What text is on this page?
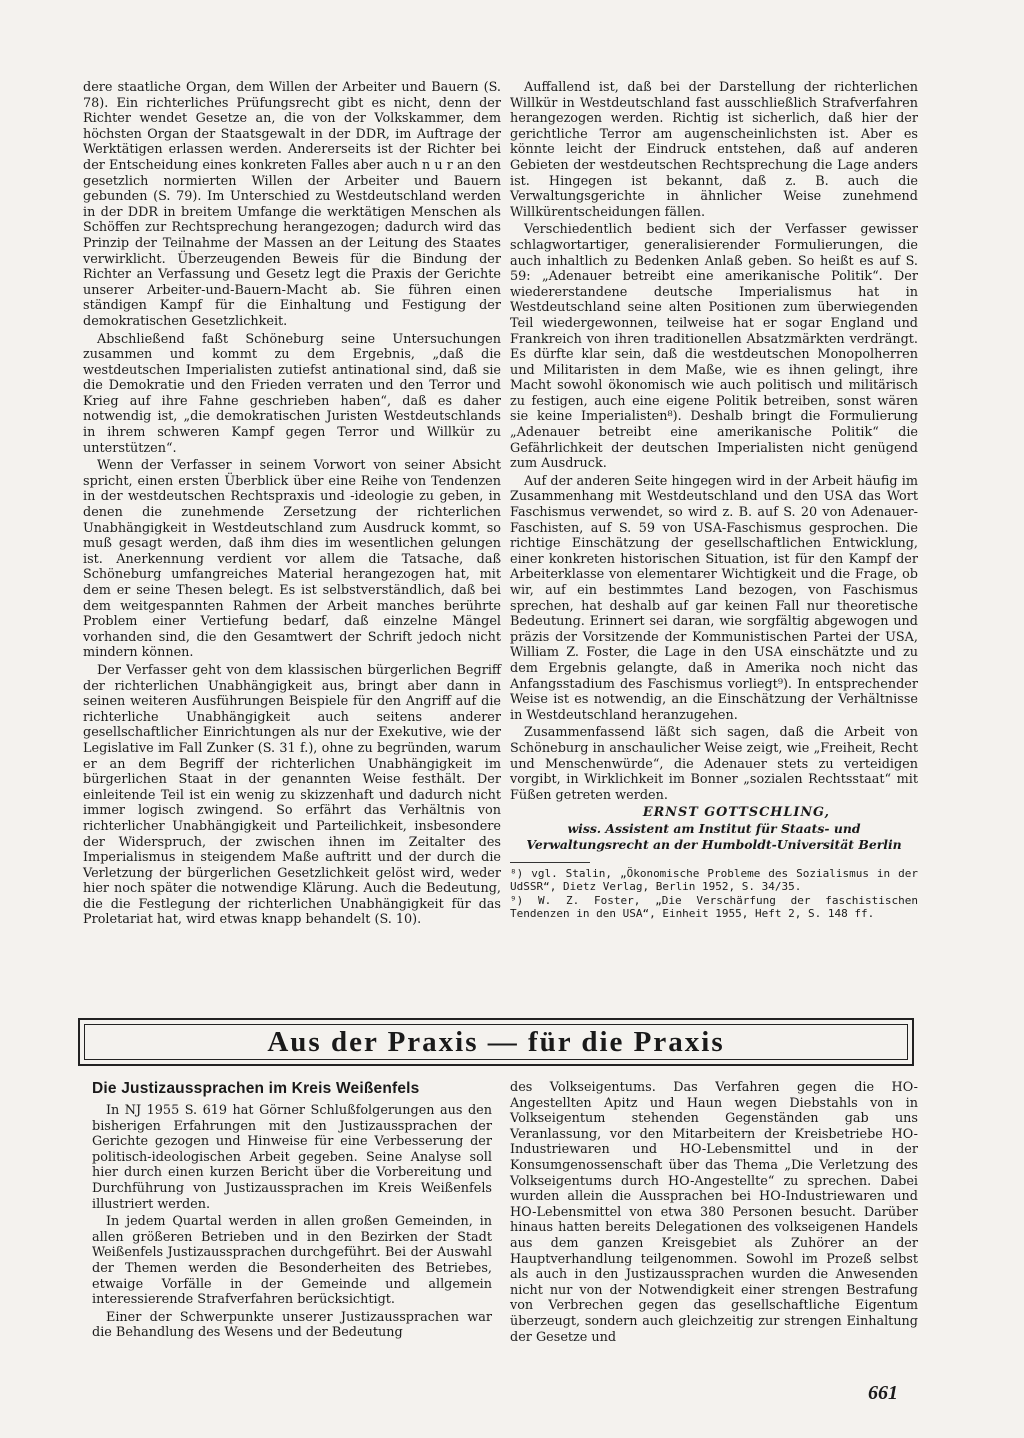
dere staatliche Organ, dem Willen der Arbeiter und Bauern (S. 78). Ein richterliches Prüfungsrecht gibt es nicht, denn der Richter wendet Gesetze an, die von der Volkskammer, dem höchsten Organ der Staatsgewalt in der DDR, im Auftrage der Werktätigen erlassen werden. Andererseits ist der Richter bei der Entscheidung eines konkreten Falles aber auch n u r an den gesetzlich normierten Willen der Arbeiter und Bauern gebunden (S. 79). Im Unterschied zu Westdeutschland werden in der DDR in breitem Umfange die werktätigen Menschen als Schöffen zur Rechtsprechung herangezogen; dadurch wird das Prinzip der Teilnahme der Massen an der Leitung des Staates verwirklicht. Überzeugenden Beweis für die Bindung der Richter an Verfassung und Gesetz legt die Praxis der Gerichte unserer Arbeiter-und-Bauern-Macht ab. Sie führen einen ständigen Kampf für die Einhaltung und Festigung der demokratischen Gesetzlichkeit.

Abschließend faßt Schöneburg seine Untersuchungen zusammen und kommt zu dem Ergebnis, „daß die westdeutschen Imperialisten zutiefst antinational sind, daß sie die Demokratie und den Frieden verraten und den Terror und Krieg auf ihre Fahne geschrieben haben“, daß es daher notwendig ist, „die demokratischen Juristen Westdeutschlands in ihrem schweren Kampf gegen Terror und Willkür zu unterstützen“.

Wenn der Verfasser in seinem Vorwort von seiner Absicht spricht, einen ersten Überblick über eine Reihe von Tendenzen in der westdeutschen Rechtspraxis und -ideologie zu geben, in denen die zunehmende Zersetzung der richterlichen Unabhängigkeit in Westdeutschland zum Ausdruck kommt, so muß gesagt werden, daß ihm dies im wesentlichen gelungen ist. Anerkennung verdient vor allem die Tatsache, daß Schöneburg umfangreiches Material herangezogen hat, mit dem er seine Thesen belegt. Es ist selbstverständlich, daß bei dem weitgespannten Rahmen der Arbeit manches berührte Problem einer Vertiefung bedarf, daß einzelne Mängel vorhanden sind, die den Gesamtwert der Schrift jedoch nicht mindern können.

Der Verfasser geht von dem klassischen bürgerlichen Begriff der richterlichen Unabhängigkeit aus, bringt aber dann in seinen weiteren Ausführungen Beispiele für den Angriff auf die richterliche Unabhängigkeit auch seitens anderer gesellschaftlicher Einrichtungen als nur der Exekutive, wie der Legislative im Fall Zunker (S. 31 f.), ohne zu begründen, warum er an dem Begriff der richterlichen Unabhängigkeit im bürgerlichen Staat in der genannten Weise festhält. Der einleitende Teil ist ein wenig zu skizzenhaft und dadurch nicht immer logisch zwingend. So erfährt das Verhältnis von richterlicher Unabhängigkeit und Parteilichkeit, insbesondere der Widerspruch, der zwischen ihnen im Zeitalter des Imperialismus in steigendem Maße auftritt und der durch die Verletzung der bürgerlichen Gesetzlichkeit gelöst wird, weder hier noch später die notwendige Klärung. Auch die Bedeutung, die die Festlegung der richterlichen Unabhängigkeit für das Proletariat hat, wird etwas knapp behandelt (S. 10).

Auffallend ist, daß bei der Darstellung der richterlichen Willkür in Westdeutschland fast ausschließlich Strafverfahren herangezogen werden. Richtig ist sicherlich, daß hier der gerichtliche Terror am augenscheinlichsten ist. Aber es könnte leicht der Eindruck entstehen, daß auf anderen Gebieten der westdeutschen Rechtsprechung die Lage anders ist. Hingegen ist bekannt, daß z. B. auch die Verwaltungsgerichte in ähnlicher Weise zunehmend Willkürentscheidungen fällen.

Verschiedentlich bedient sich der Verfasser gewisser schlagwortartiger, generalisierender Formulierungen, die auch inhaltlich zu Bedenken Anlaß geben. So heißt es auf S. 59: „Adenauer betreibt eine amerikanische Politik“. Der wiedererstandene deutsche Imperialismus hat in Westdeutschland seine alten Positionen zum überwiegenden Teil wiedergewonnen, teilweise hat er sogar England und Frankreich von ihren traditionellen Absatzmärkten verdrängt. Es dürfte klar sein, daß die westdeutschen Monopolherren und Militaristen in dem Maße, wie es ihnen gelingt, ihre Macht sowohl ökonomisch wie auch politisch und militärisch zu festigen, auch eine eigene Politik betreiben, sonst wären sie keine Imperialisten⁸). Deshalb bringt die Formulierung „Adenauer betreibt eine amerikanische Politik“ die Gefährlichkeit der deutschen Imperialisten nicht genügend zum Ausdruck.

Auf der anderen Seite hingegen wird in der Arbeit häufig im Zusammenhang mit Westdeutschland und den USA das Wort Faschismus verwendet, so wird z. B. auf S. 20 von Adenauer-Faschisten, auf S. 59 von USA-Faschismus gesprochen. Die richtige Einschätzung der gesellschaftlichen Entwicklung, einer konkreten historischen Situation, ist für den Kampf der Arbeiterklasse von elementarer Wichtigkeit und die Frage, ob wir, auf ein bestimmtes Land bezogen, von Faschismus sprechen, hat deshalb auf gar keinen Fall nur theoretische Bedeutung. Erinnert sei daran, wie sorgfältig abgewogen und präzis der Vorsitzende der Kommunistischen Partei der USA, William Z. Foster, die Lage in den USA einschätzte und zu dem Ergebnis gelangte, daß in Amerika noch nicht das Anfangsstadium des Faschismus vorliegt⁹). In entsprechender Weise ist es notwendig, an die Einschätzung der Verhältnisse in Westdeutschland heranzugehen.

Zusammenfassend läßt sich sagen, daß die Arbeit von Schöneburg in anschaulicher Weise zeigt, wie „Freiheit, Recht und Menschenwürde“, die Adenauer stets zu verteidigen vorgibt, in Wirklichkeit im Bonner „sozialen Rechtsstaat“ mit Füßen getreten werden.

ERNST GOTTSCHLING,
wiss. Assistent am Institut für Staats- und Verwaltungsrecht an der Humboldt-Universität Berlin
⁸) vgl. Stalin, „Ökonomische Probleme des Sozialismus in der UdSSR“, Dietz Verlag, Berlin 1952, S. 34/35.
⁹) W. Z. Foster, „Die Verschärfung der faschistischen Tendenzen in den USA“, Einheit 1955, Heft 2, S. 148 ff.
Aus der Praxis — für die Praxis
Die Justizaussprachen im Kreis Weißenfels

In NJ 1955 S. 619 hat Görner Schlußfolgerungen aus den bisherigen Erfahrungen mit den Justizaussprachen der Gerichte gezogen und Hinweise für eine Verbesserung der politisch-ideologischen Arbeit gegeben. Seine Analyse soll hier durch einen kurzen Bericht über die Vorbereitung und Durchführung von Justizaussprachen im Kreis Weißenfels illustriert werden.

In jedem Quartal werden in allen großen Gemeinden, in allen größeren Betrieben und in den Bezirken der Stadt Weißenfels Justizaussprachen durchgeführt. Bei der Auswahl der Themen werden die Besonderheiten des Betriebes, etwaige Vorfälle in der Gemeinde und allgemein interessierende Strafverfahren berücksichtigt.

Einer der Schwerpunkte unserer Justizaussprachen war die Behandlung des Wesens und der Bedeutung

des Volkseigentums. Das Verfahren gegen die HO-Angestellten Apitz und Haun wegen Diebstahls von in Volkseigentum stehenden Gegenständen gab uns Veranlassung, vor den Mitarbeitern der Kreisbetriebe HO-Industriewaren und HO-Lebensmittel und in der Konsumgenossenschaft über das Thema „Die Verletzung des Volkseigentums durch HO-Angestellte“ zu sprechen. Dabei wurden allein die Aussprachen bei HO-Industriewaren und HO-Lebensmittel von etwa 380 Personen besucht. Darüber hinaus hatten bereits Delegationen des volkseigenen Handels aus dem ganzen Kreisgebiet als Zuhörer an der Hauptverhandlung teilgenommen. Sowohl im Prozeß selbst als auch in den Justizaussprachen wurden die Anwesenden nicht nur von der Notwendigkeit einer strengen Bestrafung von Verbrechen gegen das gesellschaftliche Eigentum überzeugt, sondern auch gleichzeitig zur strengen Einhaltung der Gesetze und

661
